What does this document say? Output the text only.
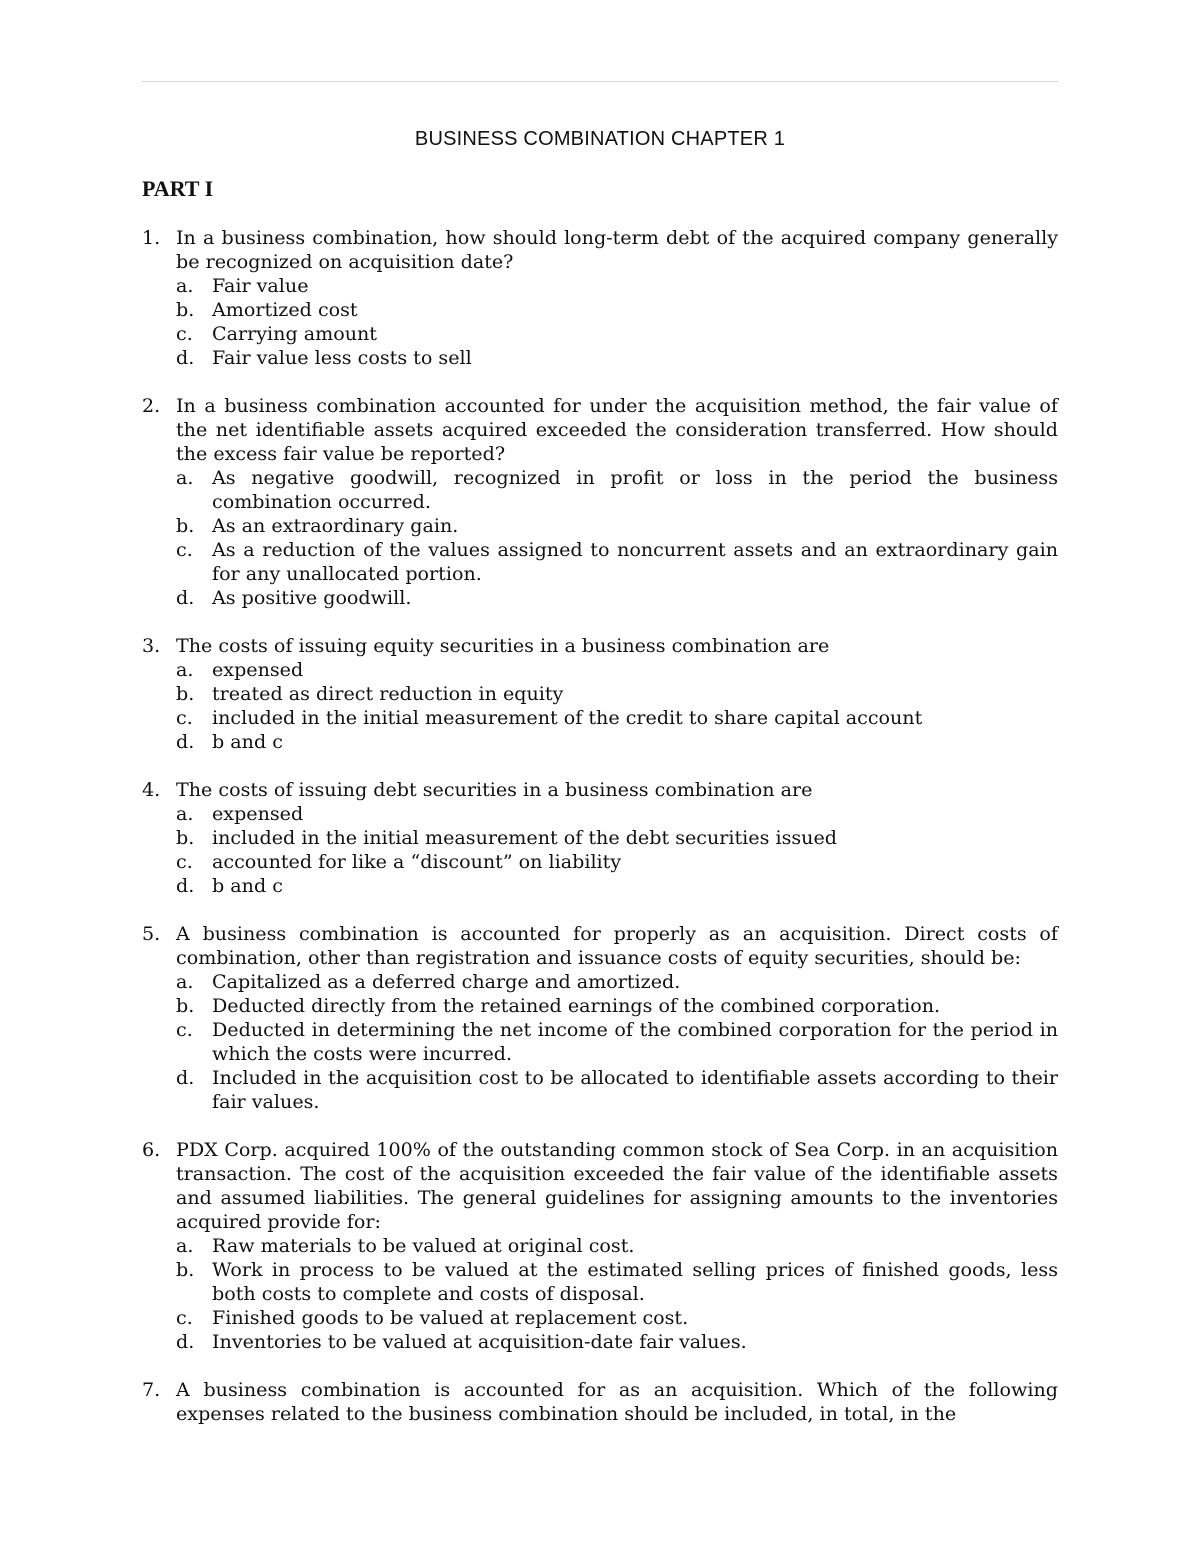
BUSINESS COMBINATION CHAPTER 1
PART I
1. In a business combination, how should long-term debt of the acquired company generally be recognized on acquisition date?
a. Fair value
b. Amortized cost
c.	Carrying amount
d. Fair value less costs to sell
2. In a business combination accounted for under the acquisition method, the fair value of the net identifiable assets acquired exceeded the consideration transferred. How should the excess fair value be reported?
a. As negative goodwill, recognized in profit or loss in the period the business combination occurred.
b. As an extraordinary gain.
c.	As a reduction of the values assigned to noncurrent assets and an extraordinary gain for any unallocated portion.
d. As positive goodwill.
3. The costs of issuing equity securities in a business combination are
a. expensed
b. treated as direct reduction in equity
c.	included in the initial measurement of the credit to share capital account
d. b and c
4. The costs of issuing debt securities in a business combination are
a. expensed
b. included in the initial measurement of the debt securities issued
c.	accounted for like a “discount” on liability
d. b and c
5. A business combination is accounted for properly as an acquisition. Direct costs of combination, other than registration and issuance costs of equity securities, should be:
a. Capitalized as a deferred charge and amortized.
b. Deducted directly from the retained earnings of the combined corporation.
c.	Deducted in determining the net income of the combined corporation for the period in which the costs were incurred.
d. Included in the acquisition cost to be allocated to identifiable assets according to their fair values.
6. PDX Corp. acquired 100% of the outstanding common stock of Sea Corp. in an acquisition transaction. The cost of the acquisition exceeded the fair value of the identifiable assets and assumed liabilities. The general guidelines for assigning amounts to the inventories acquired provide for:
a. Raw materials to be valued at original cost.
b. Work in process to be valued at the estimated selling prices of finished goods, less both costs to complete and costs of disposal.
c.	Finished goods to be valued at replacement cost.
d. Inventories to be valued at acquisition-date fair values.
7. A business combination is accounted for as an acquisition. Which of the following expenses related to the business combination should be included, in total, in the
